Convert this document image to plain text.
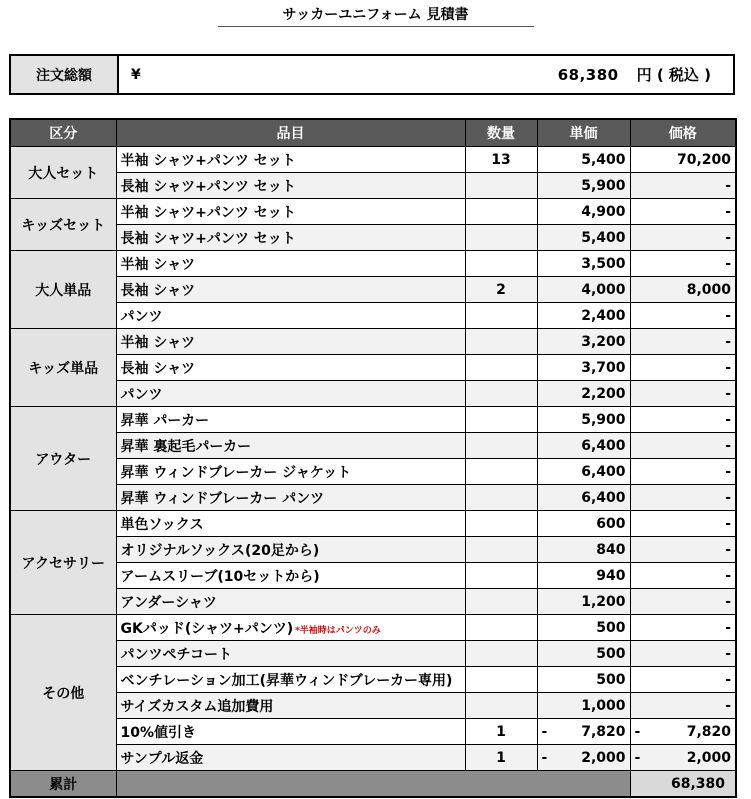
サッカーユニフォーム 見積書
注文総額	¥	68,380 円 ( 税込 )
区分	品目	数量	単価	価格
大人セット	半袖 シャツ+パンツ セット	13	5,400	70,200
	長袖 シャツ+パンツ セット		5,900	-
キッズセット	半袖 シャツ+パンツ セット		4,900	-
	長袖 シャツ+パンツ セット		5,400	-
大人単品	半袖 シャツ		3,500	-
	長袖 シャツ	2	4,000	8,000
	パンツ		2,400	-
キッズ単品	半袖 シャツ		3,200	-
	長袖 シャツ		3,700	-
	パンツ		2,200	-
アウター	昇華 パーカー		5,900	-
	昇華 裏起毛パーカー		6,400	-
	昇華 ウィンドブレーカー ジャケット		6,400	-
	昇華 ウィンドブレーカー パンツ		6,400	-
アクセサリー	単色ソックス		600	-
	オリジナルソックス(20足から)		840	-
	アームスリーブ(10セットから)		940	-
	アンダーシャツ		1,200	-
その他	GKパッド(シャツ+パンツ) *半袖時はパンツのみ		500	-
	パンツペチコート		500	-
	ベンチレーション加工(昇華ウィンドブレーカー専用)		500	-
	サイズカスタム追加費用		1,000	-
	10%値引き	1	- 7,820	- 7,820

	サンプル返金	1	- 2,000	- 2,000

累計				68,380
